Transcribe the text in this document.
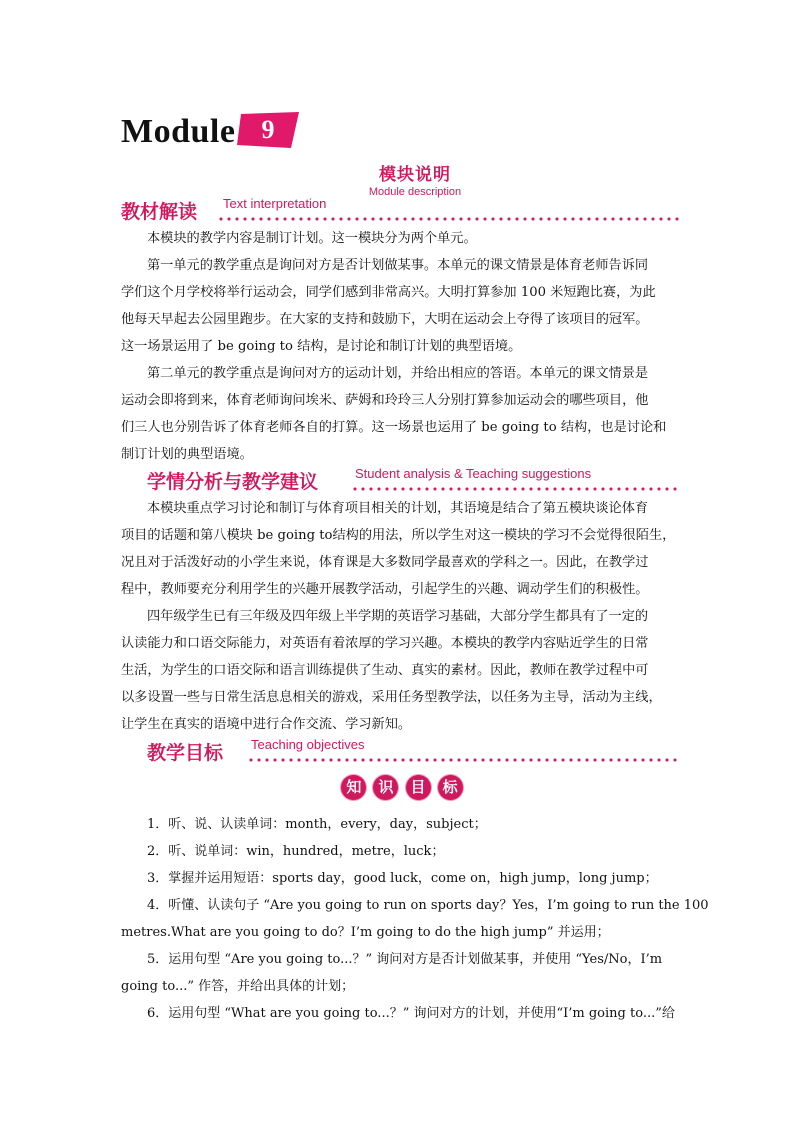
Module	9
模块说明
Module description
教材解读 Text interpretation
本模块的教学内容是制订计划。这一模块分为两个单元。
第一单元的教学重点是询问对方是否计划做某事。本单元的课文情景是体育老师告诉同
学们这个月学校将举行运动会，同学们感到非常高兴。大明打算参加 100 米短跑比赛，为此
他每天早起去公园里跑步。在大家的支持和鼓励下，大明在运动会上夺得了该项目的冠军。
这一场景运用了 be going to 结构，是讨论和制订计划的典型语境。
第二单元的教学重点是询问对方的运动计划，并给出相应的答语。本单元的课文情景是
运动会即将到来，体育老师询问埃米、萨姆和玲玲三人分别打算参加运动会的哪些项目，他
们三人也分别告诉了体育老师各自的打算。这一场景也运用了 be going to 结构，也是讨论和
制订计划的典型语境。
学情分析与教学建议	Student analysis & Teaching suggestions
本模块重点学习讨论和制订与体育项目相关的计划，其语境是结合了第五模块谈论体育
项目的话题和第八模块 be going to结构的用法，所以学生对这一模块的学习不会觉得很陌生，
况且对于活泼好动的小学生来说，体育课是大多数同学最喜欢的学科之一。因此，在教学过
程中，教师要充分利用学生的兴趣开展教学活动，引起学生的兴趣、调动学生们的积极性。
四年级学生已有三年级及四年级上半学期的英语学习基础，大部分学生都具有了一定的
认读能力和口语交际能力，对英语有着浓厚的学习兴趣。本模块的教学内容贴近学生的日常
生活，为学生的口语交际和语言训练提供了生动、真实的素材。因此，教师在教学过程中可
以多设置一些与日常生活息息相关的游戏，采用任务型教学法，以任务为主导，活动为主线，
让学生在真实的语境中进行合作交流、学习新知。
教学目标 Teaching objectives
知 识 目 标
1．听、说、认读单词：month，every，day，subject；
2．听、说单词：win，hundred，metre，luck；
3．掌握并运用短语：sports day，good luck，come on，high jump，long jump；
4．听懂、认读句子 “Are you going to run on sports day？Yes，I’m going to run the 100
metres.What are you going to do？I’m going to do the high jump” 并运用；
5．运用句型 “Are you going to...？” 询问对方是否计划做某事，并使用 “Yes/No，I’m
going to...” 作答，并给出具体的计划；
6．运用句型 “What are you going to...？” 询问对方的计划，并使用“I’m going to...”给
